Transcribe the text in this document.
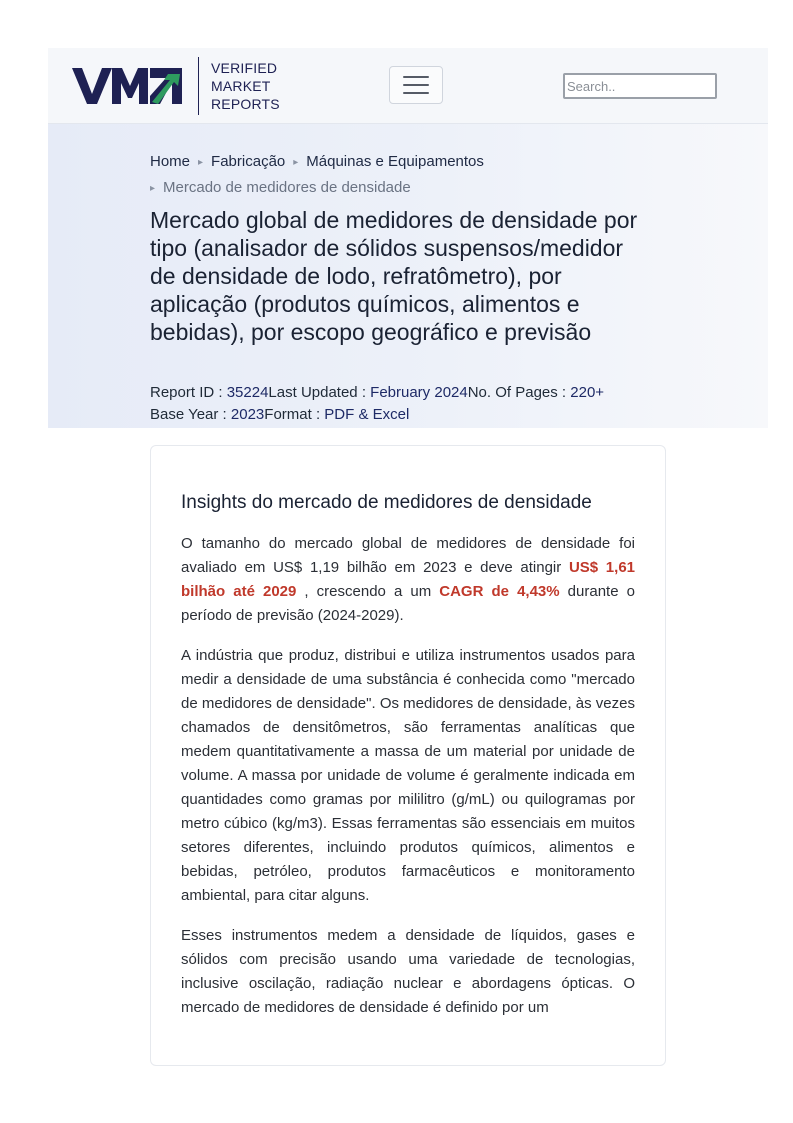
VERIFIED
MARKET
REPORTS
Search..
Home ▸ Fabricação ▸ Máquinas e Equipamentos
▸ Mercado de medidores de densidade
Mercado global de medidores de densidade por tipo (analisador de sólidos suspensos/medidor de densidade de lodo, refratômetro), por aplicação (produtos químicos, alimentos e bebidas), por escopo geográfico e previsão
Report ID : 35224Last Updated : February 2024No. Of Pages : 220+
Base Year : 2023Format : PDF & Excel
Insights do mercado de medidores de densidade

O tamanho do mercado global de medidores de densidade foi avaliado em US$ 1,19 bilhão em 2023 e deve atingir US$ 1,61 bilhão até 2029 , crescendo a um CAGR de 4,43% durante o período de previsão (2024-2029).

A indústria que produz, distribui e utiliza instrumentos usados para medir a densidade de uma substância é conhecida como "mercado de medidores de densidade". Os medidores de densidade, às vezes chamados de densitômetros, são ferramentas analíticas que medem quantitativamente a massa de um material por unidade de volume. A massa por unidade de volume é geralmente indicada em quantidades como gramas por mililitro (g/mL) ou quilogramas por metro cúbico (kg/m3). Essas ferramentas são essenciais em muitos setores diferentes, incluindo produtos químicos, alimentos e bebidas, petróleo, produtos farmacêuticos e monitoramento ambiental, para citar alguns.

Esses instrumentos medem a densidade de líquidos, gases e sólidos com precisão usando uma variedade de tecnologias, inclusive oscilação, radiação nuclear e abordagens ópticas. O mercado de medidores de densidade é definido por um
